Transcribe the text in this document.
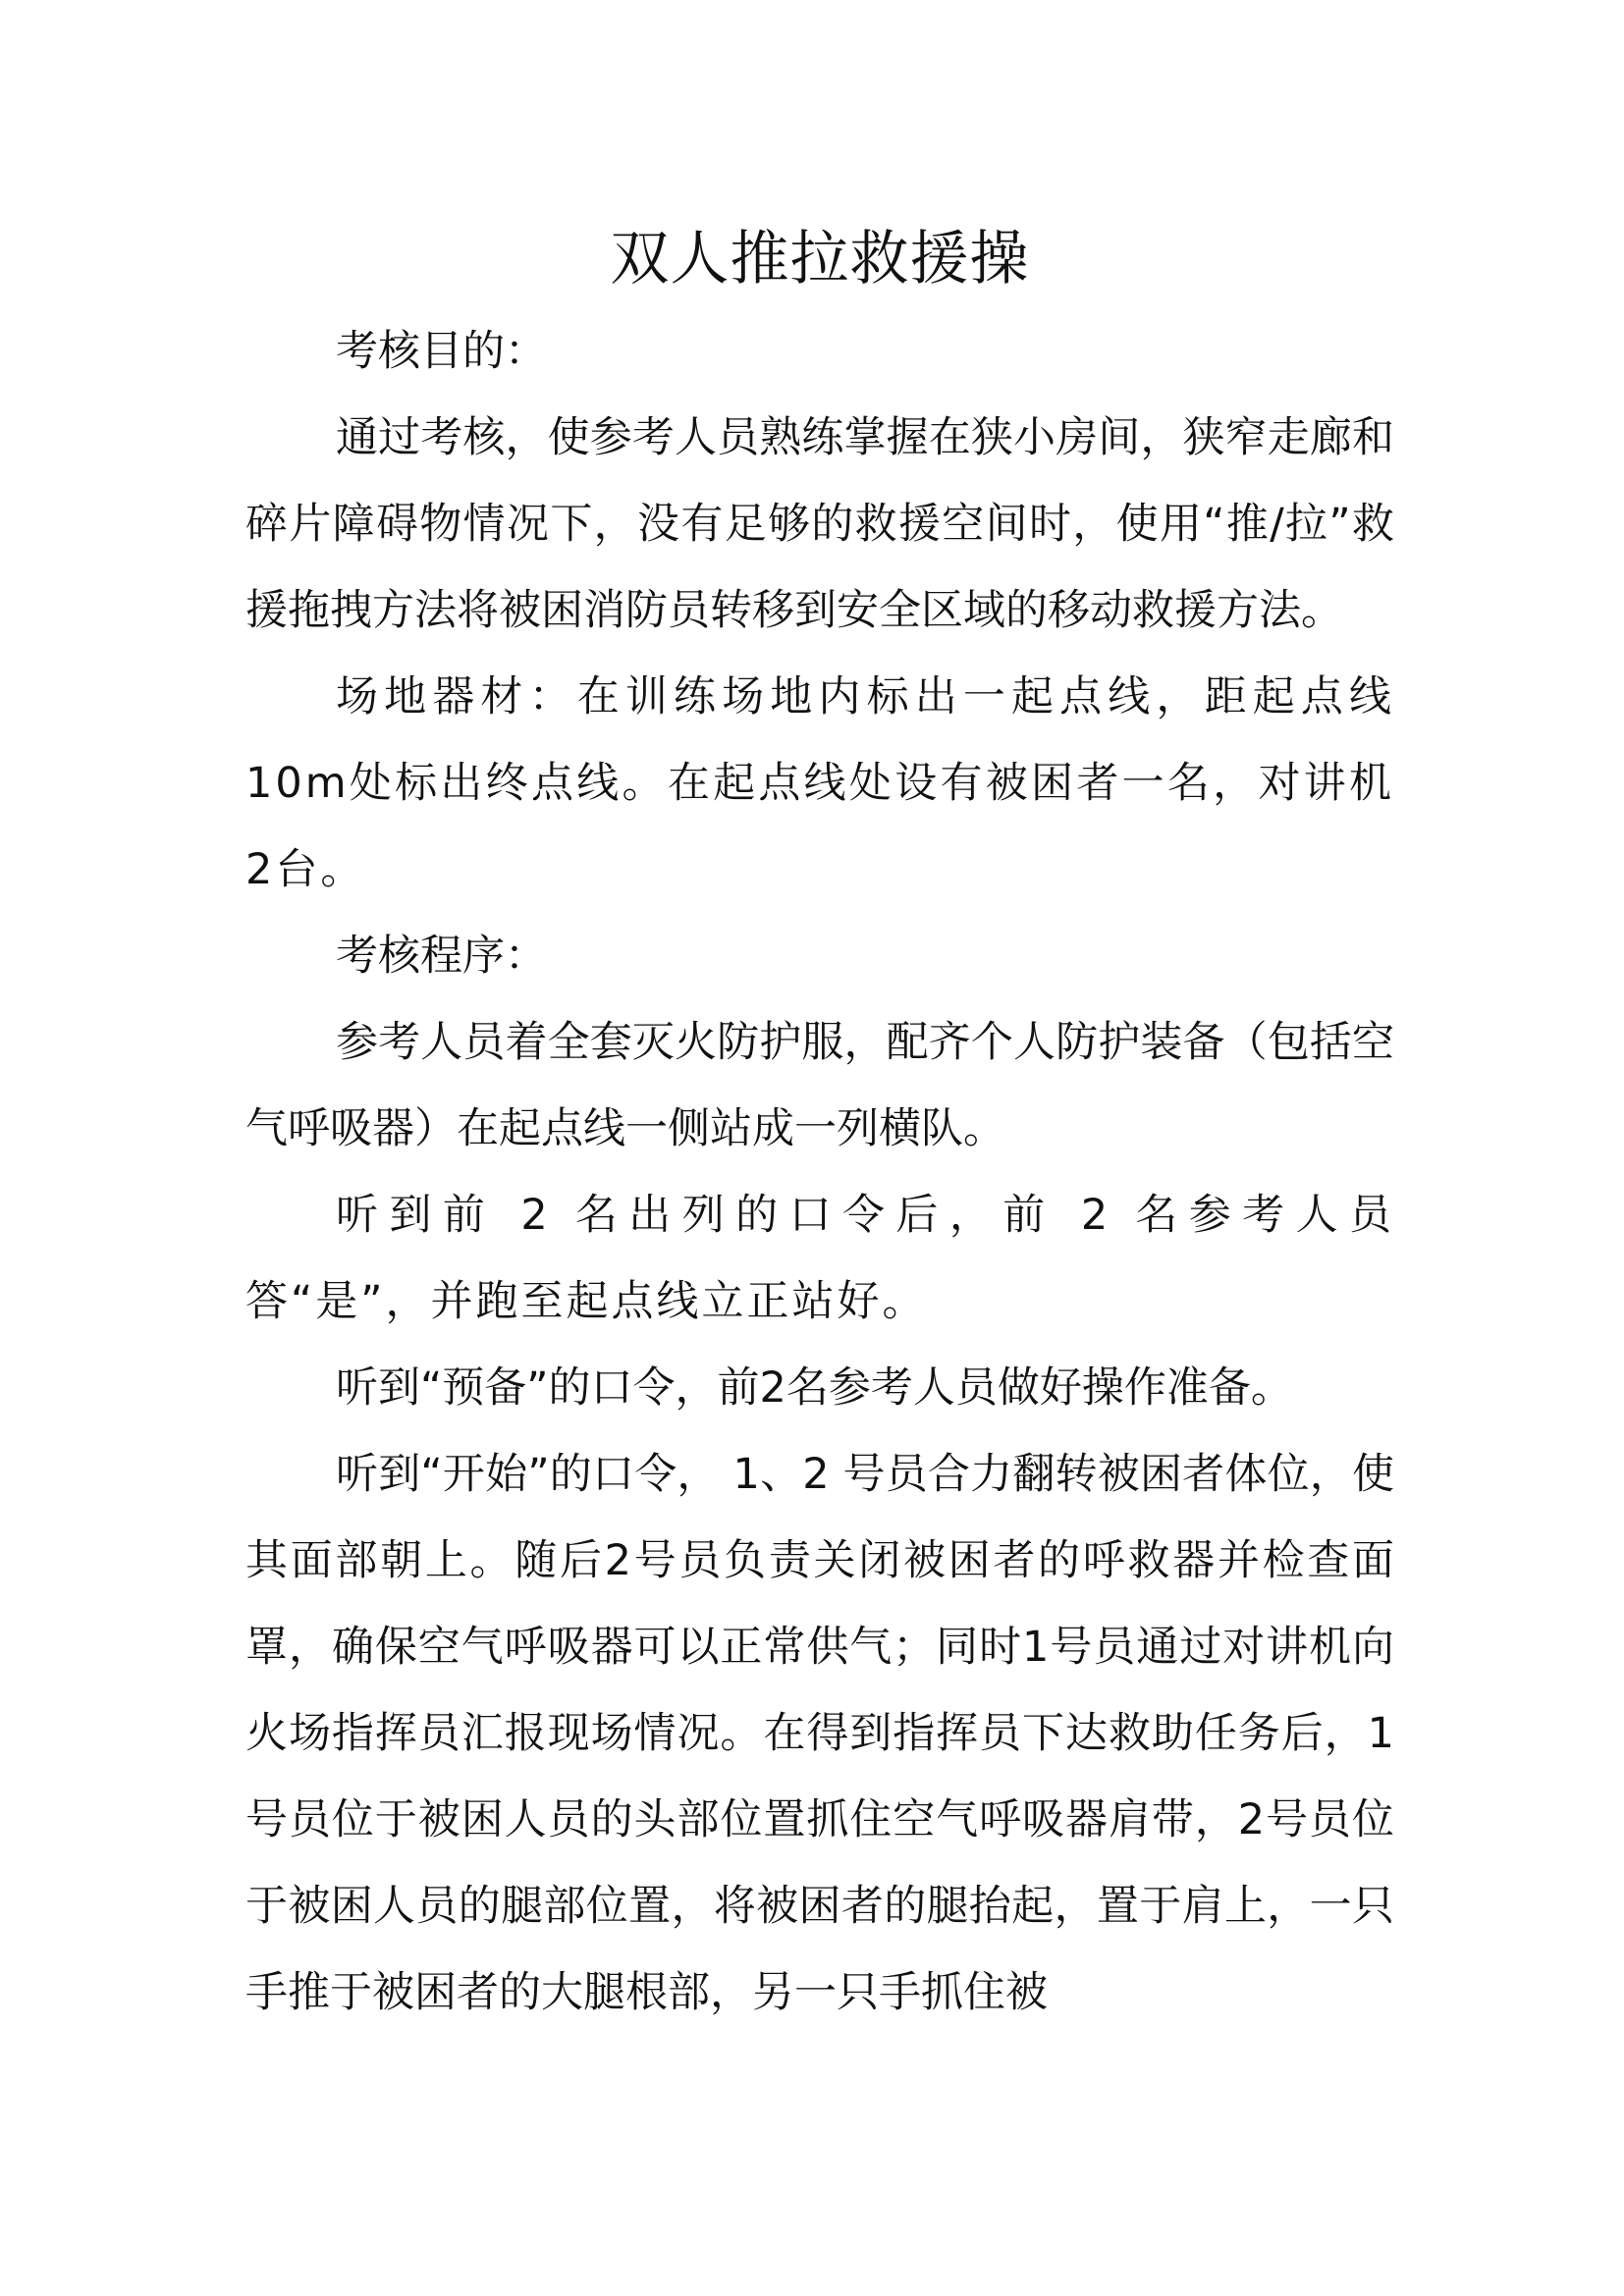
双人推拉救援操

考核目的：

通过考核，使参考人员熟练掌握在狭小房间，狭窄走廊和碎片障碍物情况下，没有足够的救援空间时，使用“推/拉”救援拖拽方法将被困消防员转移到安全区域的移动救援方法。

场地器材：在训练场地内标出一起点线，距起点线10m处标出终点线。在起点线处设有被困者一名，对讲机2台。

考核程序：

参考人员着全套灭火防护服，配齐个人防护装备（包括空气呼吸器）在起点线一侧站成一列横队。

听到前 2 名出列的口令后，前 2 名参考人员答“是”，并跑至起点线立正站好。

听到“预备”的口令，前2名参考人员做好操作准备。

听到“开始”的口令， 1、2 号员合力翻转被困者体位，使其面部朝上。随后2号员负责关闭被困者的呼救器并检查面罩，确保空气呼吸器可以正常供气；同时1号员通过对讲机向火场指挥员汇报现场情况。在得到指挥员下达救助任务后，1号员位于被困人员的头部位置抓住空气呼吸器肩带，2号员位于被困人员的腿部位置，将被困者的腿抬起，置于肩上，一只手推于被困者的大腿根部，另一只手抓住被
